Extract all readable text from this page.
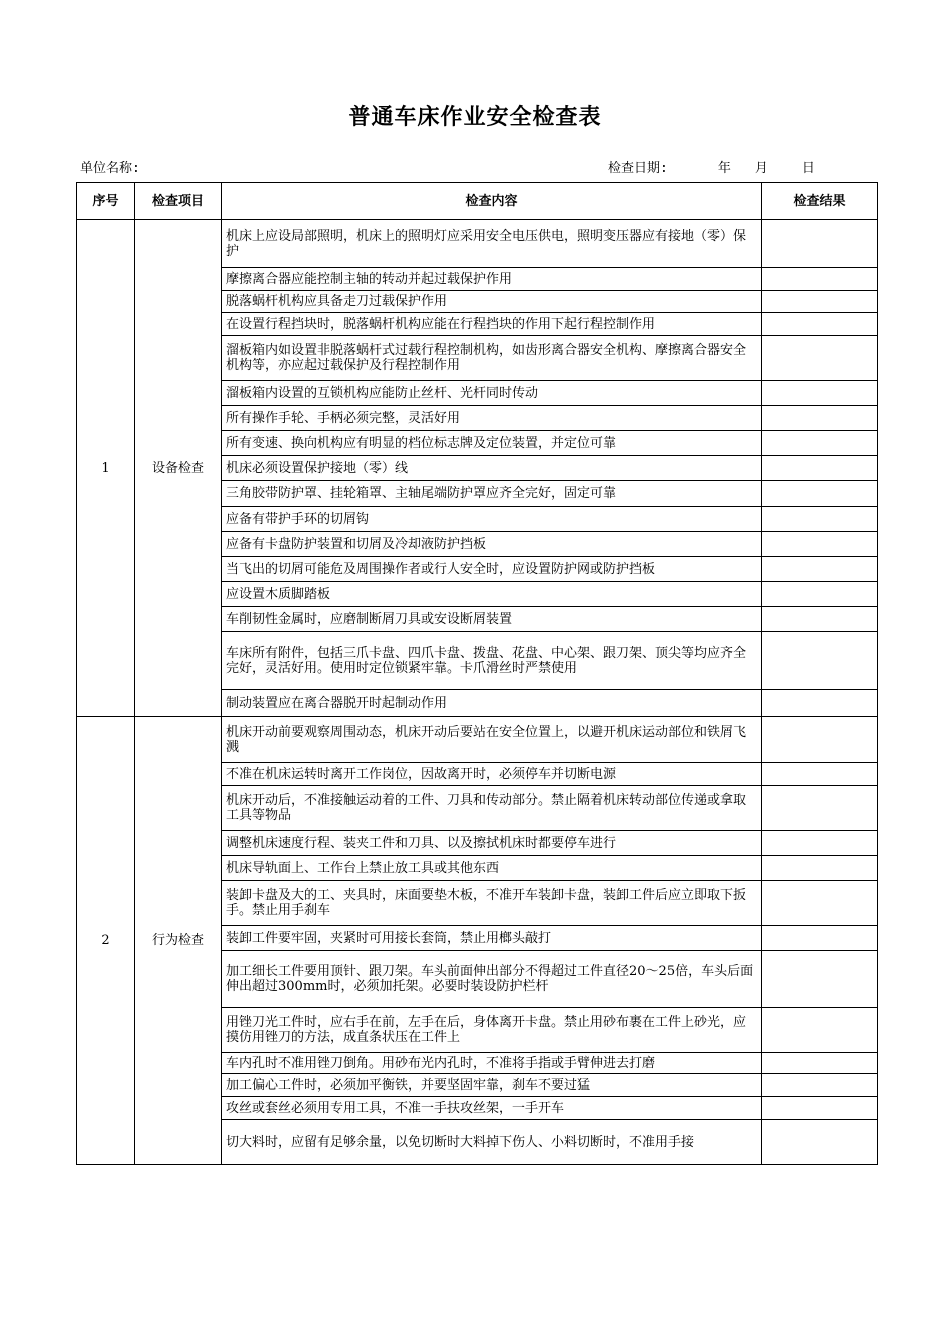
普通车床作业安全检查表
单位名称:	检查日期:	年 月	日
序号	检查项目	检查内容	检查结果
1	设备检查	机床上应设局部照明，机床上的照明灯应采用安全电压供电，照明变压器应有接地（零）保护	
		摩擦离合器应能控制主轴的转动并起过载保护作用	
		脱落蜗杆机构应具备走刀过载保护作用	
		在设置行程挡块时，脱落蜗杆机构应能在行程挡块的作用下起行程控制作用	
		溜板箱内如设置非脱落蜗杆式过载行程控制机构，如齿形离合器安全机构、摩擦离合器安全机构等，亦应起过载保护及行程控制作用	
		溜板箱内设置的互锁机构应能防止丝杆、光杆同时传动	
		所有操作手轮、手柄必须完整，灵活好用	
		所有变速、换向机构应有明显的档位标志牌及定位装置，并定位可靠	
		机床必须设置保护接地（零）线	
		三角胶带防护罩、挂轮箱罩、主轴尾端防护罩应齐全完好，固定可靠	
		应备有带护手环的切屑钩	
		应备有卡盘防护装置和切屑及冷却液防护挡板	
		当飞出的切屑可能危及周围操作者或行人安全时，应设置防护网或防护挡板	
		应设置木质脚踏板	
		车削韧性金属时，应磨制断屑刀具或安设断屑装置	
		车床所有附件，包括三爪卡盘、四爪卡盘、拨盘、花盘、中心架、跟刀架、顶尖等均应齐全完好，灵活好用。使用时定位锁紧牢靠。卡爪滑丝时严禁使用	
		制动装置应在离合器脱开时起制动作用	
2	行为检查	机床开动前要观察周围动态，机床开动后要站在安全位置上，以避开机床运动部位和铁屑飞溅	
		不准在机床运转时离开工作岗位，因故离开时，必须停车并切断电源	
		机床开动后，不准接触运动着的工件、刀具和传动部分。禁止隔着机床转动部位传递或拿取工具等物品	
		调整机床速度行程、装夹工件和刀具、以及擦拭机床时都要停车进行	
		机床导轨面上、工作台上禁止放工具或其他东西	
		装卸卡盘及大的工、夹具时，床面要垫木板，不准开车装卸卡盘，装卸工件后应立即取下扳手。禁止用手刹车	
		装卸工件要牢固，夹紧时可用接长套筒，禁止用榔头敲打	
		加工细长工件要用顶针、跟刀架。车头前面伸出部分不得超过工件直径20～25倍，车头后面伸出超过300mm时，必须加托架。必要时装设防护栏杆	
		用锉刀光工件时，应右手在前，左手在后，身体离开卡盘。禁止用砂布裹在工件上砂光，应摸仿用锉刀的方法，成直条状压在工件上	
		车内孔时不准用锉刀倒角。用砂布光内孔时，不准将手指或手臂伸进去打磨	
		加工偏心工件时，必须加平衡铁，并要坚固牢靠，刹车不要过猛	
		攻丝或套丝必须用专用工具，不准一手扶攻丝架，一手开车	
		切大料时，应留有足够余量，以免切断时大料掉下伤人、小料切断时，不准用手接	
